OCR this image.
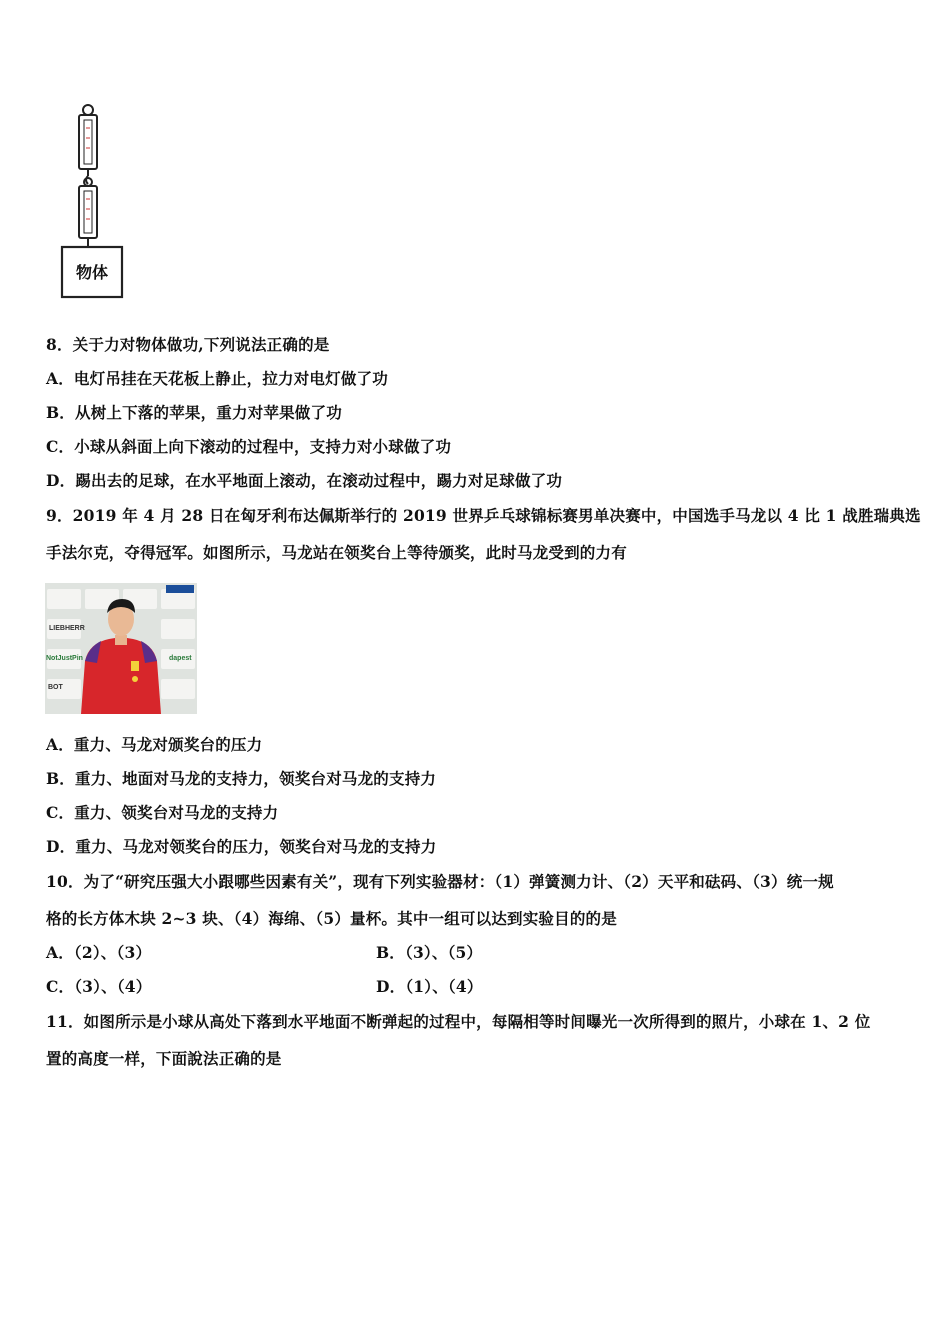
物体
8．关于力对物体做功,下列说法正确的是
A．电灯吊挂在天花板上静止，拉力对电灯做了功
B．从树上下落的苹果，重力对苹果做了功
C．小球从斜面上向下滚动的过程中，支持力对小球做了功
D．踢出去的足球，在水平地面上滚动，在滚动过程中，踢力对足球做了功
9．2019 年 4 月 28 日在匈牙利布达佩斯举行的 2019 世界乒乓球锦标赛男单决赛中，中国选手马龙以 4 比 1 战胜瑞典选
手法尔克，夺得冠军。如图所示，马龙站在领奖台上等待颁奖，此时马龙受到的力有
LIEBHERR
NotJustPin	dapest
BOT
A．重力、马龙对颁奖台的压力
B．重力、地面对马龙的支持力，领奖台对马龙的支持力
C．重力、领奖台对马龙的支持力
D．重力、马龙对领奖台的压力，领奖台对马龙的支持力
10．为了“研究压强大小跟哪些因素有关”，现有下列实验器材：（1）弹簧测力计、（2）天平和砝码、（3）统一规
格的长方体木块 2~3 块、（4）海绵、（5）量杯。其中一组可以达到实验目的的是
A．（2）、（3）	B．（3）、（5）
C．（3）、（4）	D．（1）、（4）
11．如图所示是小球从高处下落到水平地面不断弹起的过程中，每隔相等时间曝光一次所得到的照片，小球在 1、2 位
置的高度一样，下面說法正确的是
